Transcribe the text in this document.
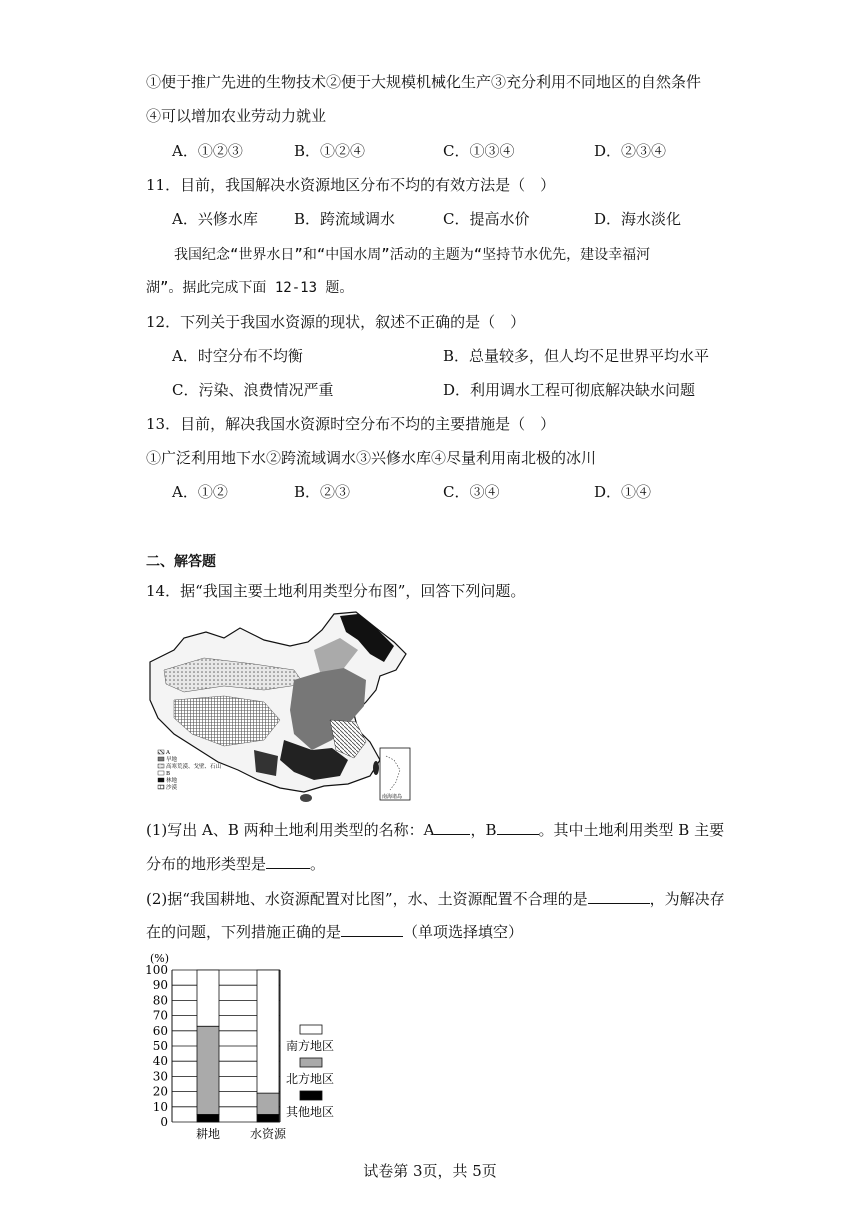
①便于推广先进的生物技术②便于大规模机械化生产③充分利用不同地区的自然条件
④可以增加农业劳动力就业
A．①②③	B．①②④	C．①③④	D．②③④
11．目前，我国解决水资源地区分布不均的有效方法是（　）
A．兴修水库 B．跨流域调水	C．提高水价	D．海水淡化
我国纪念“世界水日”和“中国水周”活动的主题为“坚持节水优先，建设幸福河
湖”。据此完成下面 12-13 题。
12．下列关于我国水资源的现状，叙述不正确的是（　）
A．时空分布不均衡	B．总量较多，但人均不足世界平均水平
C．污染、浪费情况严重	D．利用调水工程可彻底解决缺水问题
13．目前，解决我国水资源时空分布不均的主要措施是（　）
①广泛利用地下水②跨流域调水③兴修水库④尽量利用南北极的冰川
A．①②	B．②③	C．③④	D．①④
二、解答题
14．据“我国主要土地利用类型分布图”，回答下列问题。
A
旱地
高寒荒漠、戈壁、石山
B
林地
沙漠
南海诸岛
(1)写出 A、B 两种土地利用类型的名称：A ，B	。其中土地利用类型 B 主要
分布的地形类型是	。
(2)据“我国耕地、水资源配置对比图”，水、土资源配置不合理的是	，为解决存
在的问题，下列措施正确的是	（单项选择填空）
(%)
0
10
20
30
40
50
60
70
80
90
100
耕地 水资源
南方地区
北方地区
其他地区
试卷第 3页，共 5页
